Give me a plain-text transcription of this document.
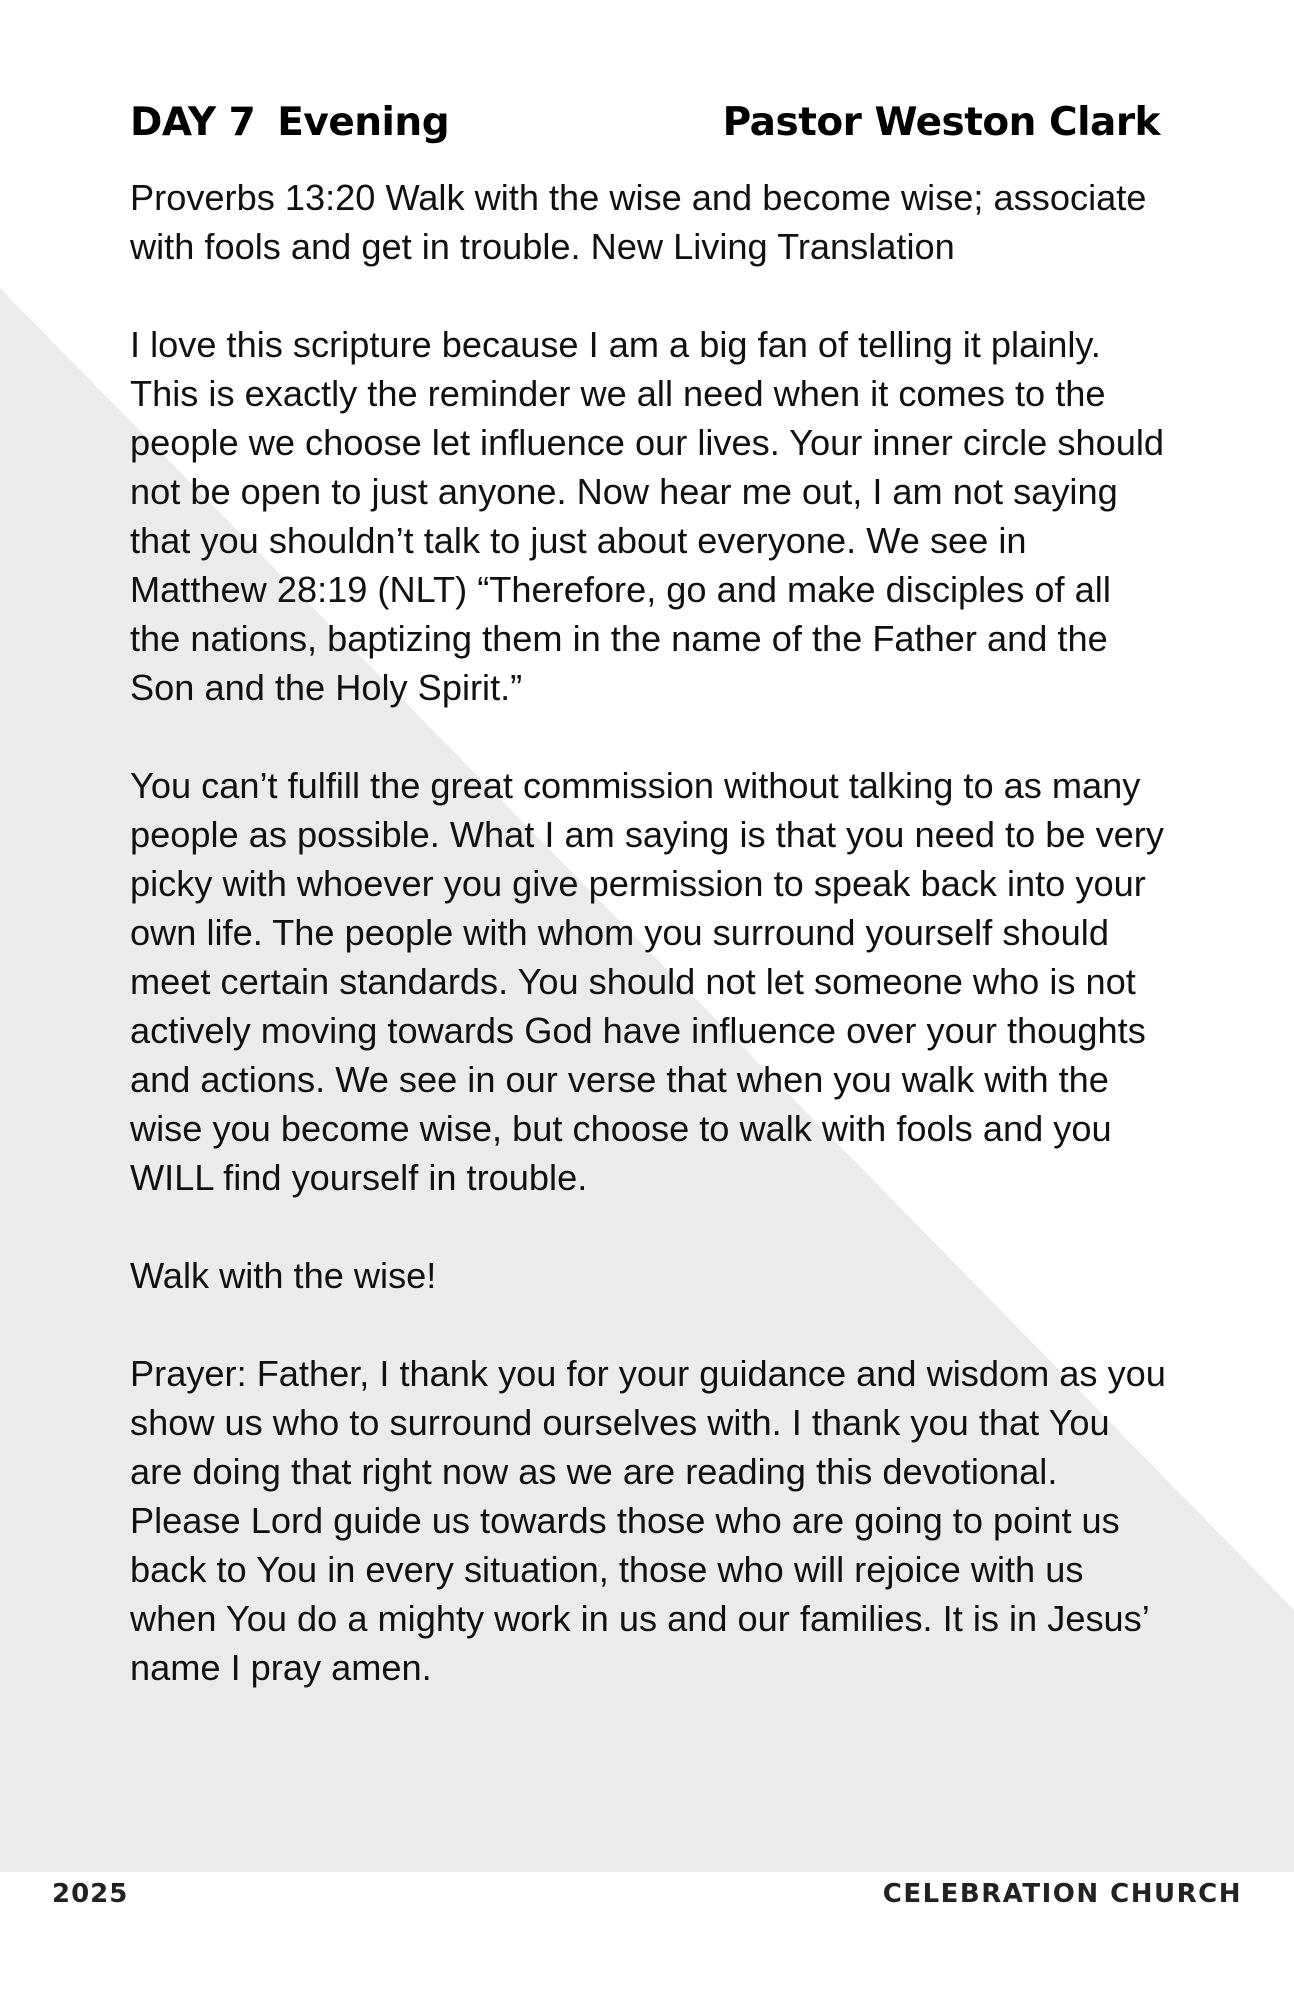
DAY 7 Evening	Pastor Weston Clark

Proverbs 13:20 Walk with the wise and become wise; associate with fools and get in trouble. New Living Translation

I love this scripture because I am a big fan of telling it plainly. This is exactly the reminder we all need when it comes to the people we choose let influence our lives. Your inner circle should not be open to just anyone. Now hear me out, I am not saying that you shouldn’t talk to just about everyone. We see in Matthew 28:19 (NLT) “Therefore, go and make disciples of all the nations, baptizing them in the name of the Father and the Son and the Holy Spirit.”

You can’t fulfill the great commission without talking to as many people as possible. What I am saying is that you need to be very picky with whoever you give permission to speak back into your own life. The people with whom you surround yourself should meet certain standards. You should not let someone who is not actively moving towards God have influence over your thoughts and actions. We see in our verse that when you walk with the wise you become wise, but choose to walk with fools and you WILL find yourself in trouble.

Walk with the wise!

Prayer: Father, I thank you for your guidance and wisdom as you show us who to surround ourselves with. I thank you that You are doing that right now as we are reading this devotional. Please Lord guide us towards those who are going to point us back to You in every situation, those who will rejoice with us when You do a mighty work in us and our families. It is in Jesus’ name I pray amen.

2025	CELEBRATION CHURCH
